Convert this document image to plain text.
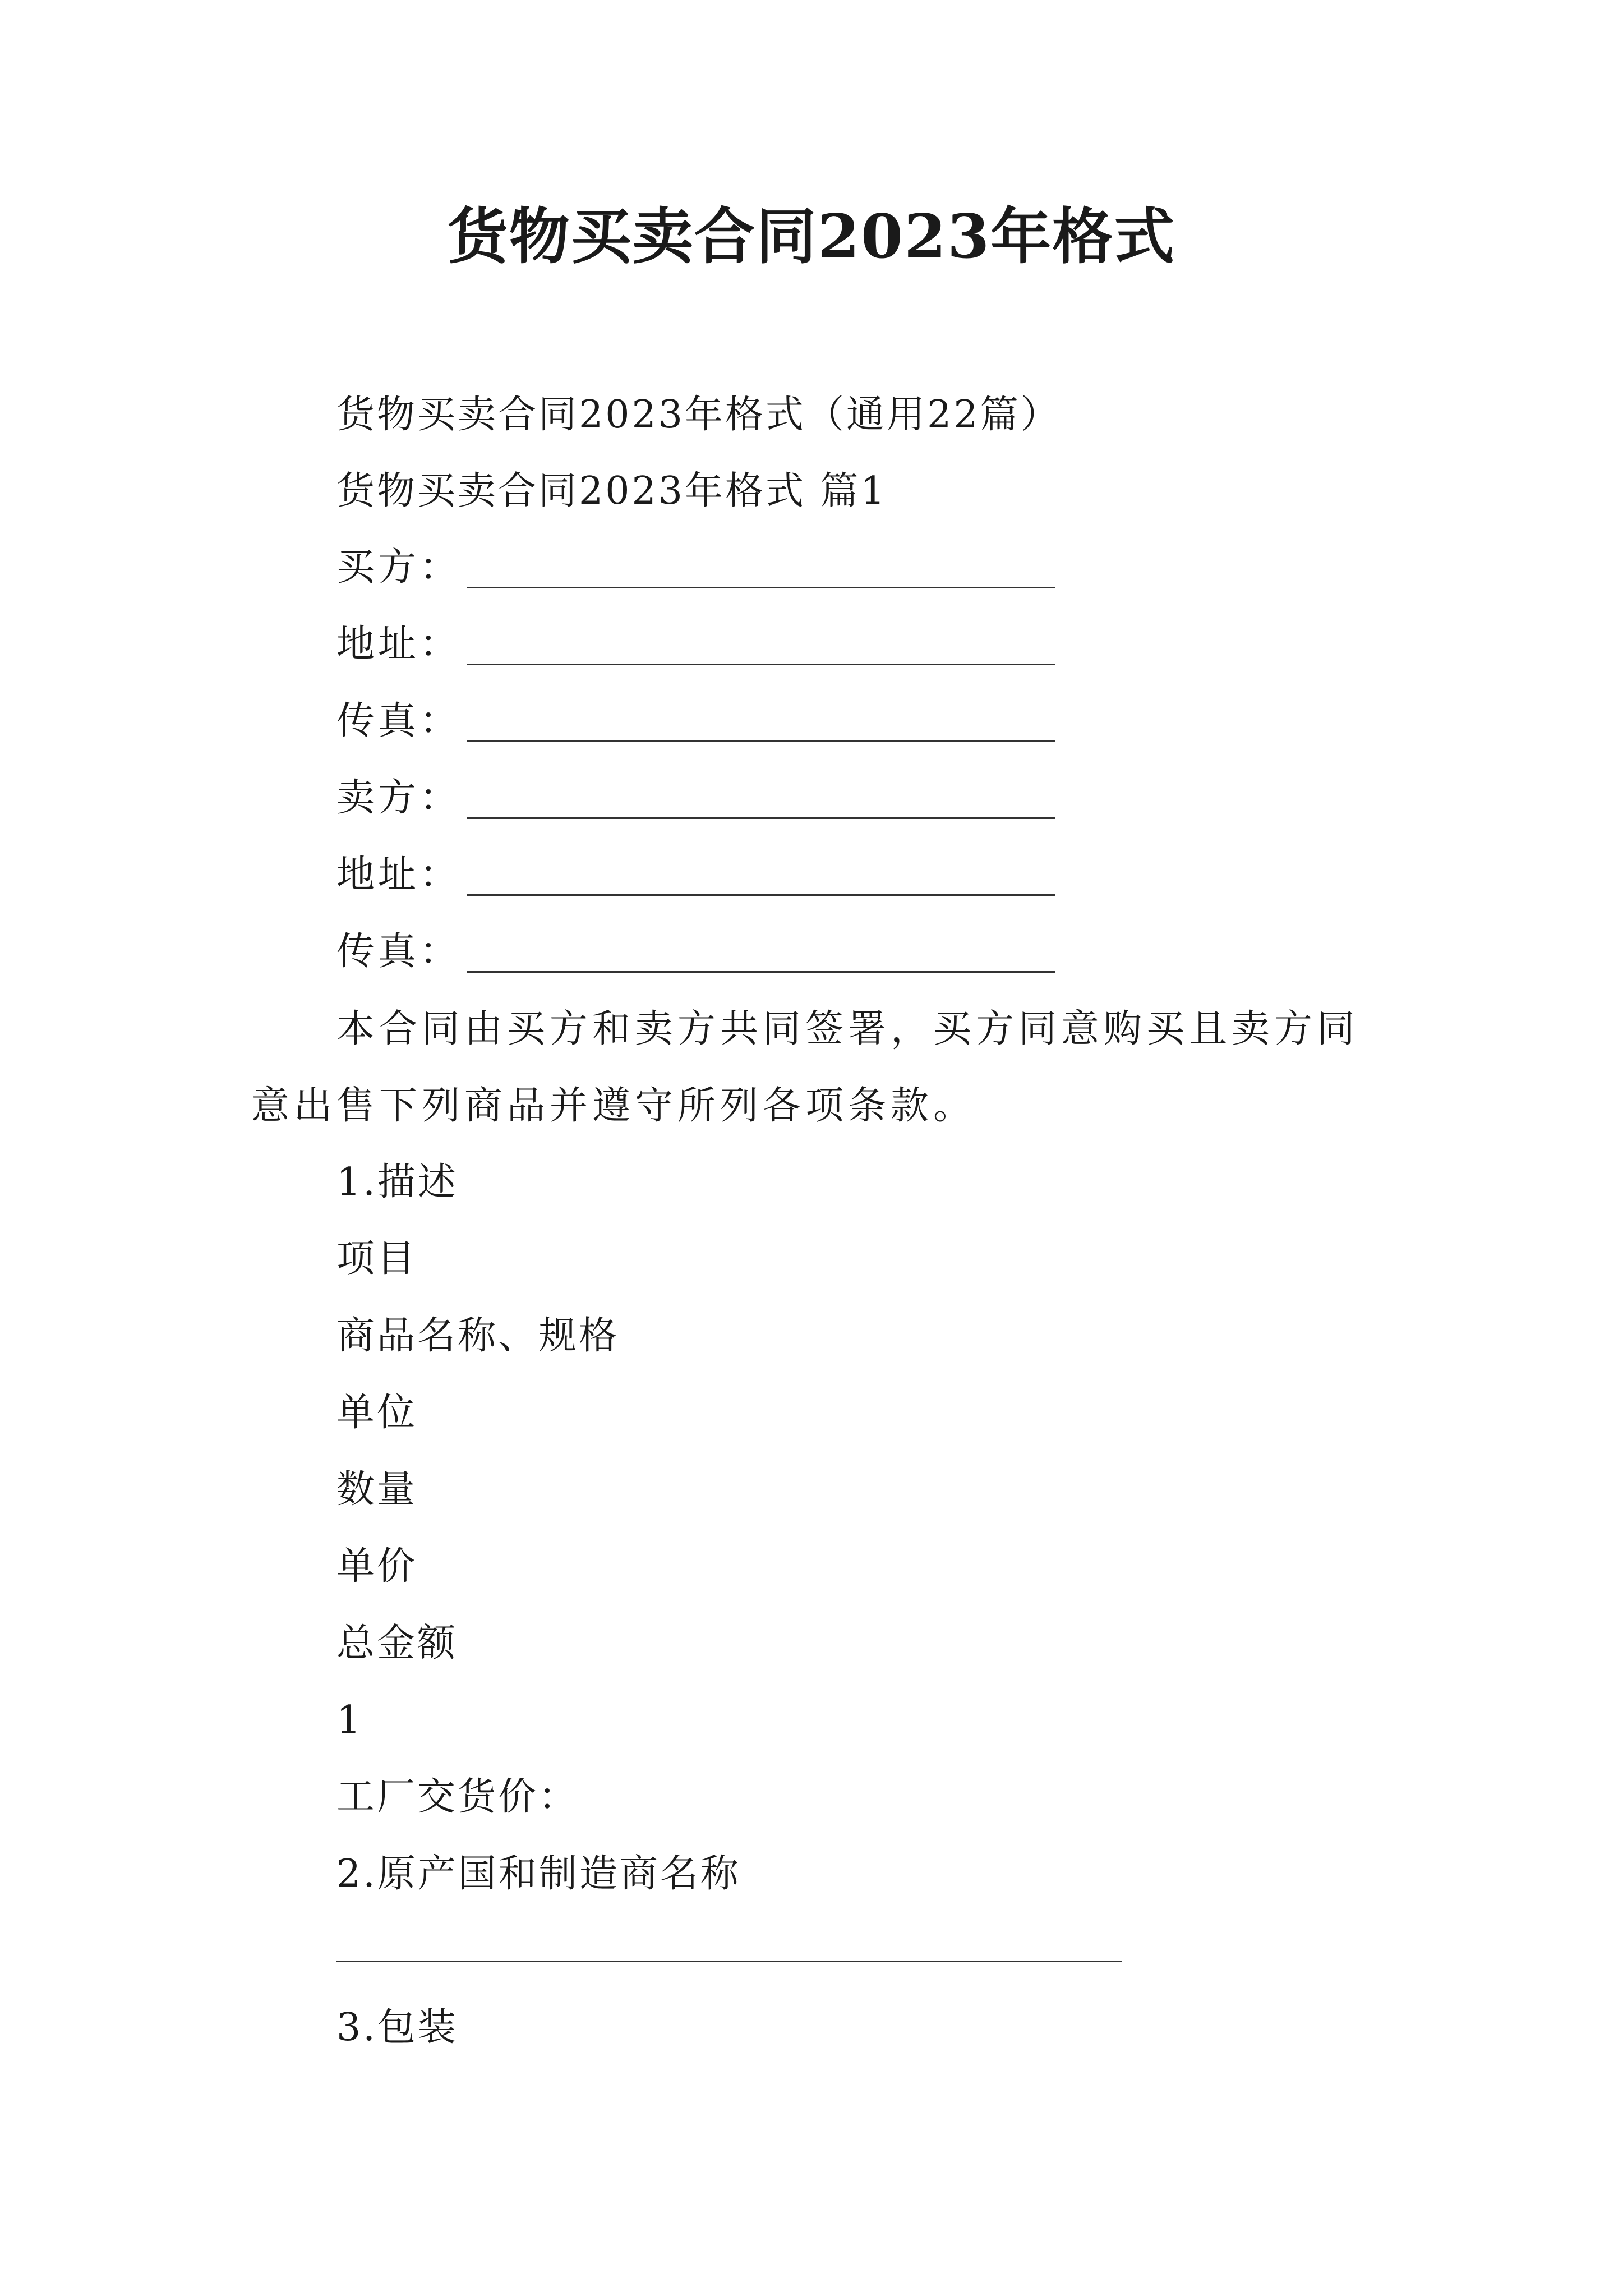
货物买卖合同2023年格式
货物买卖合同2023年格式（通用22篇）
货物买卖合同2023年格式 篇1
买方：
地址：
传真：
卖方：
地址：
传真：

本合同由买方和卖方共同签署，买方同意购买且卖方同意出售下列商品并遵守所列各项条款。

1.描述
项目
商品名称、规格
单位
数量
单价
总金额
1
工厂交货价：
2.原产国和制造商名称
3.包装
